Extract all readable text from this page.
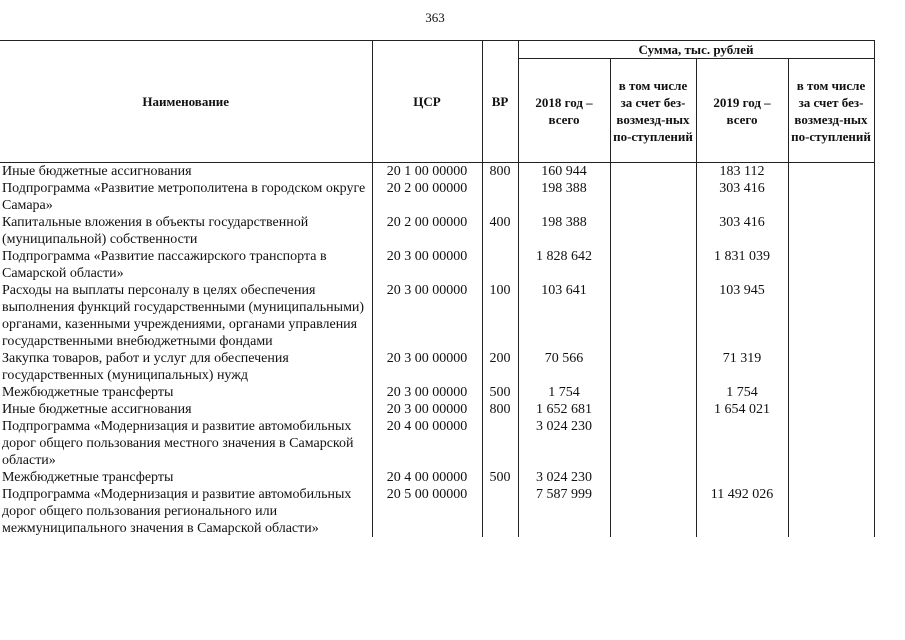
363
Наименование	ЦСР	ВР	Сумма, тыс. рублей			
			2018 год – всего	в том числе за счет без-возмезд-ных по-ступлений	2019 год – всего	в том числе за счет без-возмезд-ных по-ступлений
Иные бюджетные ассигнования	20 1 00 00000	800	160 944		183 112	
Подпрограмма «Развитие метрополитена в городском округе Самара»	20 2 00 00000		198 388		303 416	
Капитальные вложения в объекты государственной (муниципальной) собственности	20 2 00 00000	400	198 388		303 416	
Подпрограмма «Развитие пассажирского транспорта в Самарской области»	20 3 00 00000		1 828 642		1 831 039	
Расходы на выплаты персоналу в целях обеспечения выполнения функций государственными (муниципальными) органами, казенными учреждениями, органами управления государственными внебюджетными фондами	20 3 00 00000	100	103 641		103 945	
Закупка товаров, работ и услуг для обеспечения государственных (муниципальных) нужд	20 3 00 00000	200	70 566		71 319	
Межбюджетные трансферты	20 3 00 00000	500	1 754		1 754	
Иные бюджетные ассигнования	20 3 00 00000	800	1 652 681		1 654 021	
Подпрограмма «Модернизация и развитие автомобильных дорог общего пользования местного значения в Самарской области»	20 4 00 00000		3 024 230			
Межбюджетные трансферты	20 4 00 00000	500	3 024 230			
Подпрограмма «Модернизация и развитие автомобильных дорог общего пользования регионального или межмуниципального значения в Самарской области»	20 5 00 00000		7 587 999		11 492 026	
